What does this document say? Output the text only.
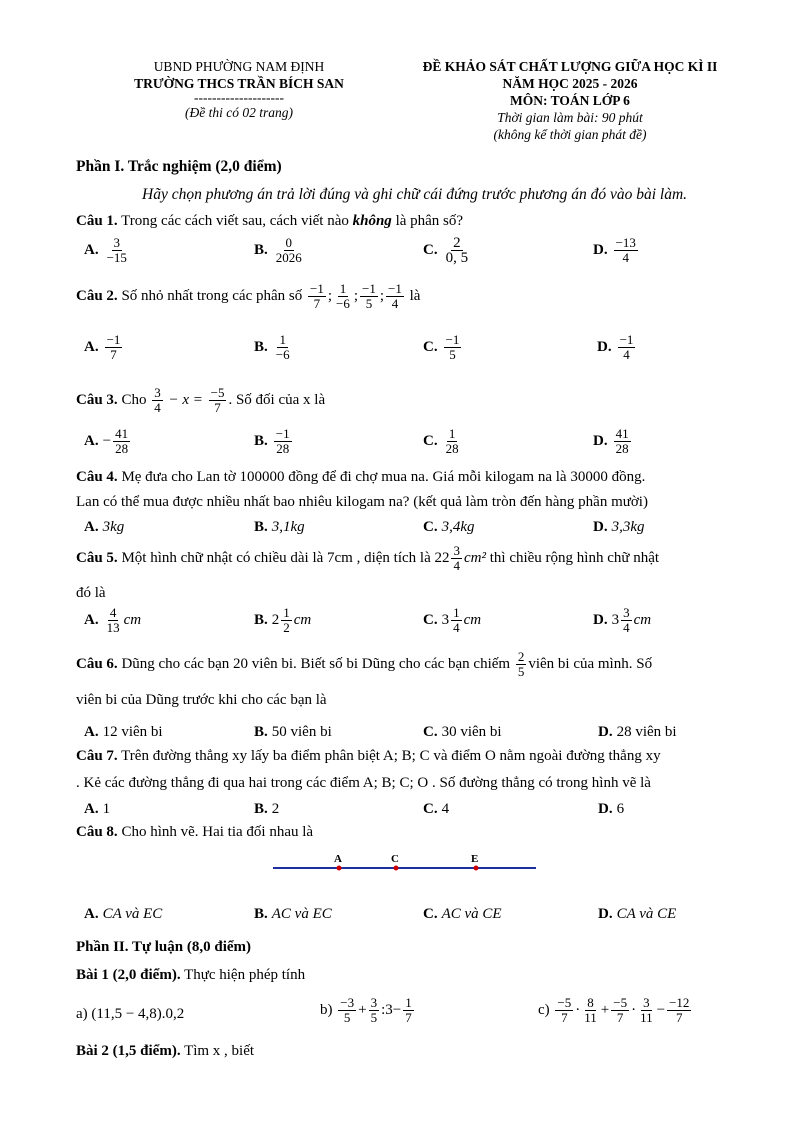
UBND PHƯỜNG NAM ĐỊNH
TRƯỜNG THCS TRẦN BÍCH SAN
--------------------
(Đề thi có 02 trang)
ĐỀ KHẢO SÁT CHẤT LƯỢNG GIỮA HỌC KÌ II
NĂM HỌC 2025 - 2026
MÔN: TOÁN LỚP 6
Thời gian làm bài: 90 phút
(không kể thời gian phát đề)
Phần I. Trắc nghiệm (2,0 điểm)
Hãy chọn phương án trả lời đúng và ghi chữ cái đứng trước phương án đó vào bài làm.
Câu 1. Trong các cách viết sau, cách viết nào không là phân số?
A. $\frac{3}{-15}$	B. $\frac{0}{2026}$	C. $\frac{2}{0, 5}$	D. $\frac{-13}{4}$
Câu 2. Số nhỏ nhất trong các phân số $\frac{-1}{7}$ ; $\frac{1}{-6}$ ; $\frac{-1}{5}$ ; $\frac{-1}{4}$ là
A. $\frac{-1}{7}$	B. $\frac{1}{-6}$	C. $\frac{-1}{5}$	D. $\frac{-1}{4}$
Câu 3. Cho $\frac{3}{4} - x = \frac{-5}{7}$ . Số đối của x là
A. − $\frac{41}{28}$	B. $\frac{-1}{28}$	C. $\frac{1}{28}$	D. $\frac{41}{28}$
Câu 4. Mẹ đưa cho Lan tờ 100000 đồng để đi chợ mua na. Giá mỗi kilogam na là 30000 đồng.
Lan có thể mua được nhiều nhất bao nhiêu kilogam na? (kết quả làm tròn đến hàng phần mười)
A. 3kg	B. 3,1kg	C. 3,4kg	D. 3,3kg
Câu 5. Một hình chữ nhật có chiều dài là 7cm , diện tích là $22 \frac{3}{4} cm^2$ thì chiều rộng hình chữ nhật
đó là
A. $\frac{4}{13}$ cm	B. $2 \frac{1}{2}$ cm	C. $3 \frac{1}{4}$ cm	D. $3 \frac{3}{4}$ cm
Câu 6. Dũng cho các bạn 20 viên bi. Biết số bi Dũng cho các bạn chiếm $\frac{2}{5}$ viên bi của mình. Số
viên bi của Dũng trước khi cho các bạn là
A. 12 viên bi	B. 50 viên bi	C. 30 viên bi	D. 28 viên bi
Câu 7. Trên đường thẳng xy lấy ba điểm phân biệt A; B; C và điểm O nằm ngoài đường thẳng xy
. Kẻ các đường thẳng đi qua hai trong các điểm A; B; C; O . Số đường thẳng có trong hình vẽ là
A. 1	B. 2	C. 4	D. 6
Câu 8. Cho hình vẽ. Hai tia đối nhau là
A	C	E
A. CA và EC	B. AC và EC	C. AC và CE	D. CA và CE
Phần II. Tự luận (8,0 điểm)
Bài 1 (2,0 điểm). Thực hiện phép tính
a) (11,5 − 4,8).0,2	$b) \frac{-3}{5} + \frac{3}{5}$ :3− $\frac{1}{7}$	$c) \frac{-5}{7} \cdot \frac{8}{11} + \frac{-5}{7} \cdot \frac{3}{11} - \frac{-12}{7}$
Bài 2 (1,5 điểm). Tìm x , biết
